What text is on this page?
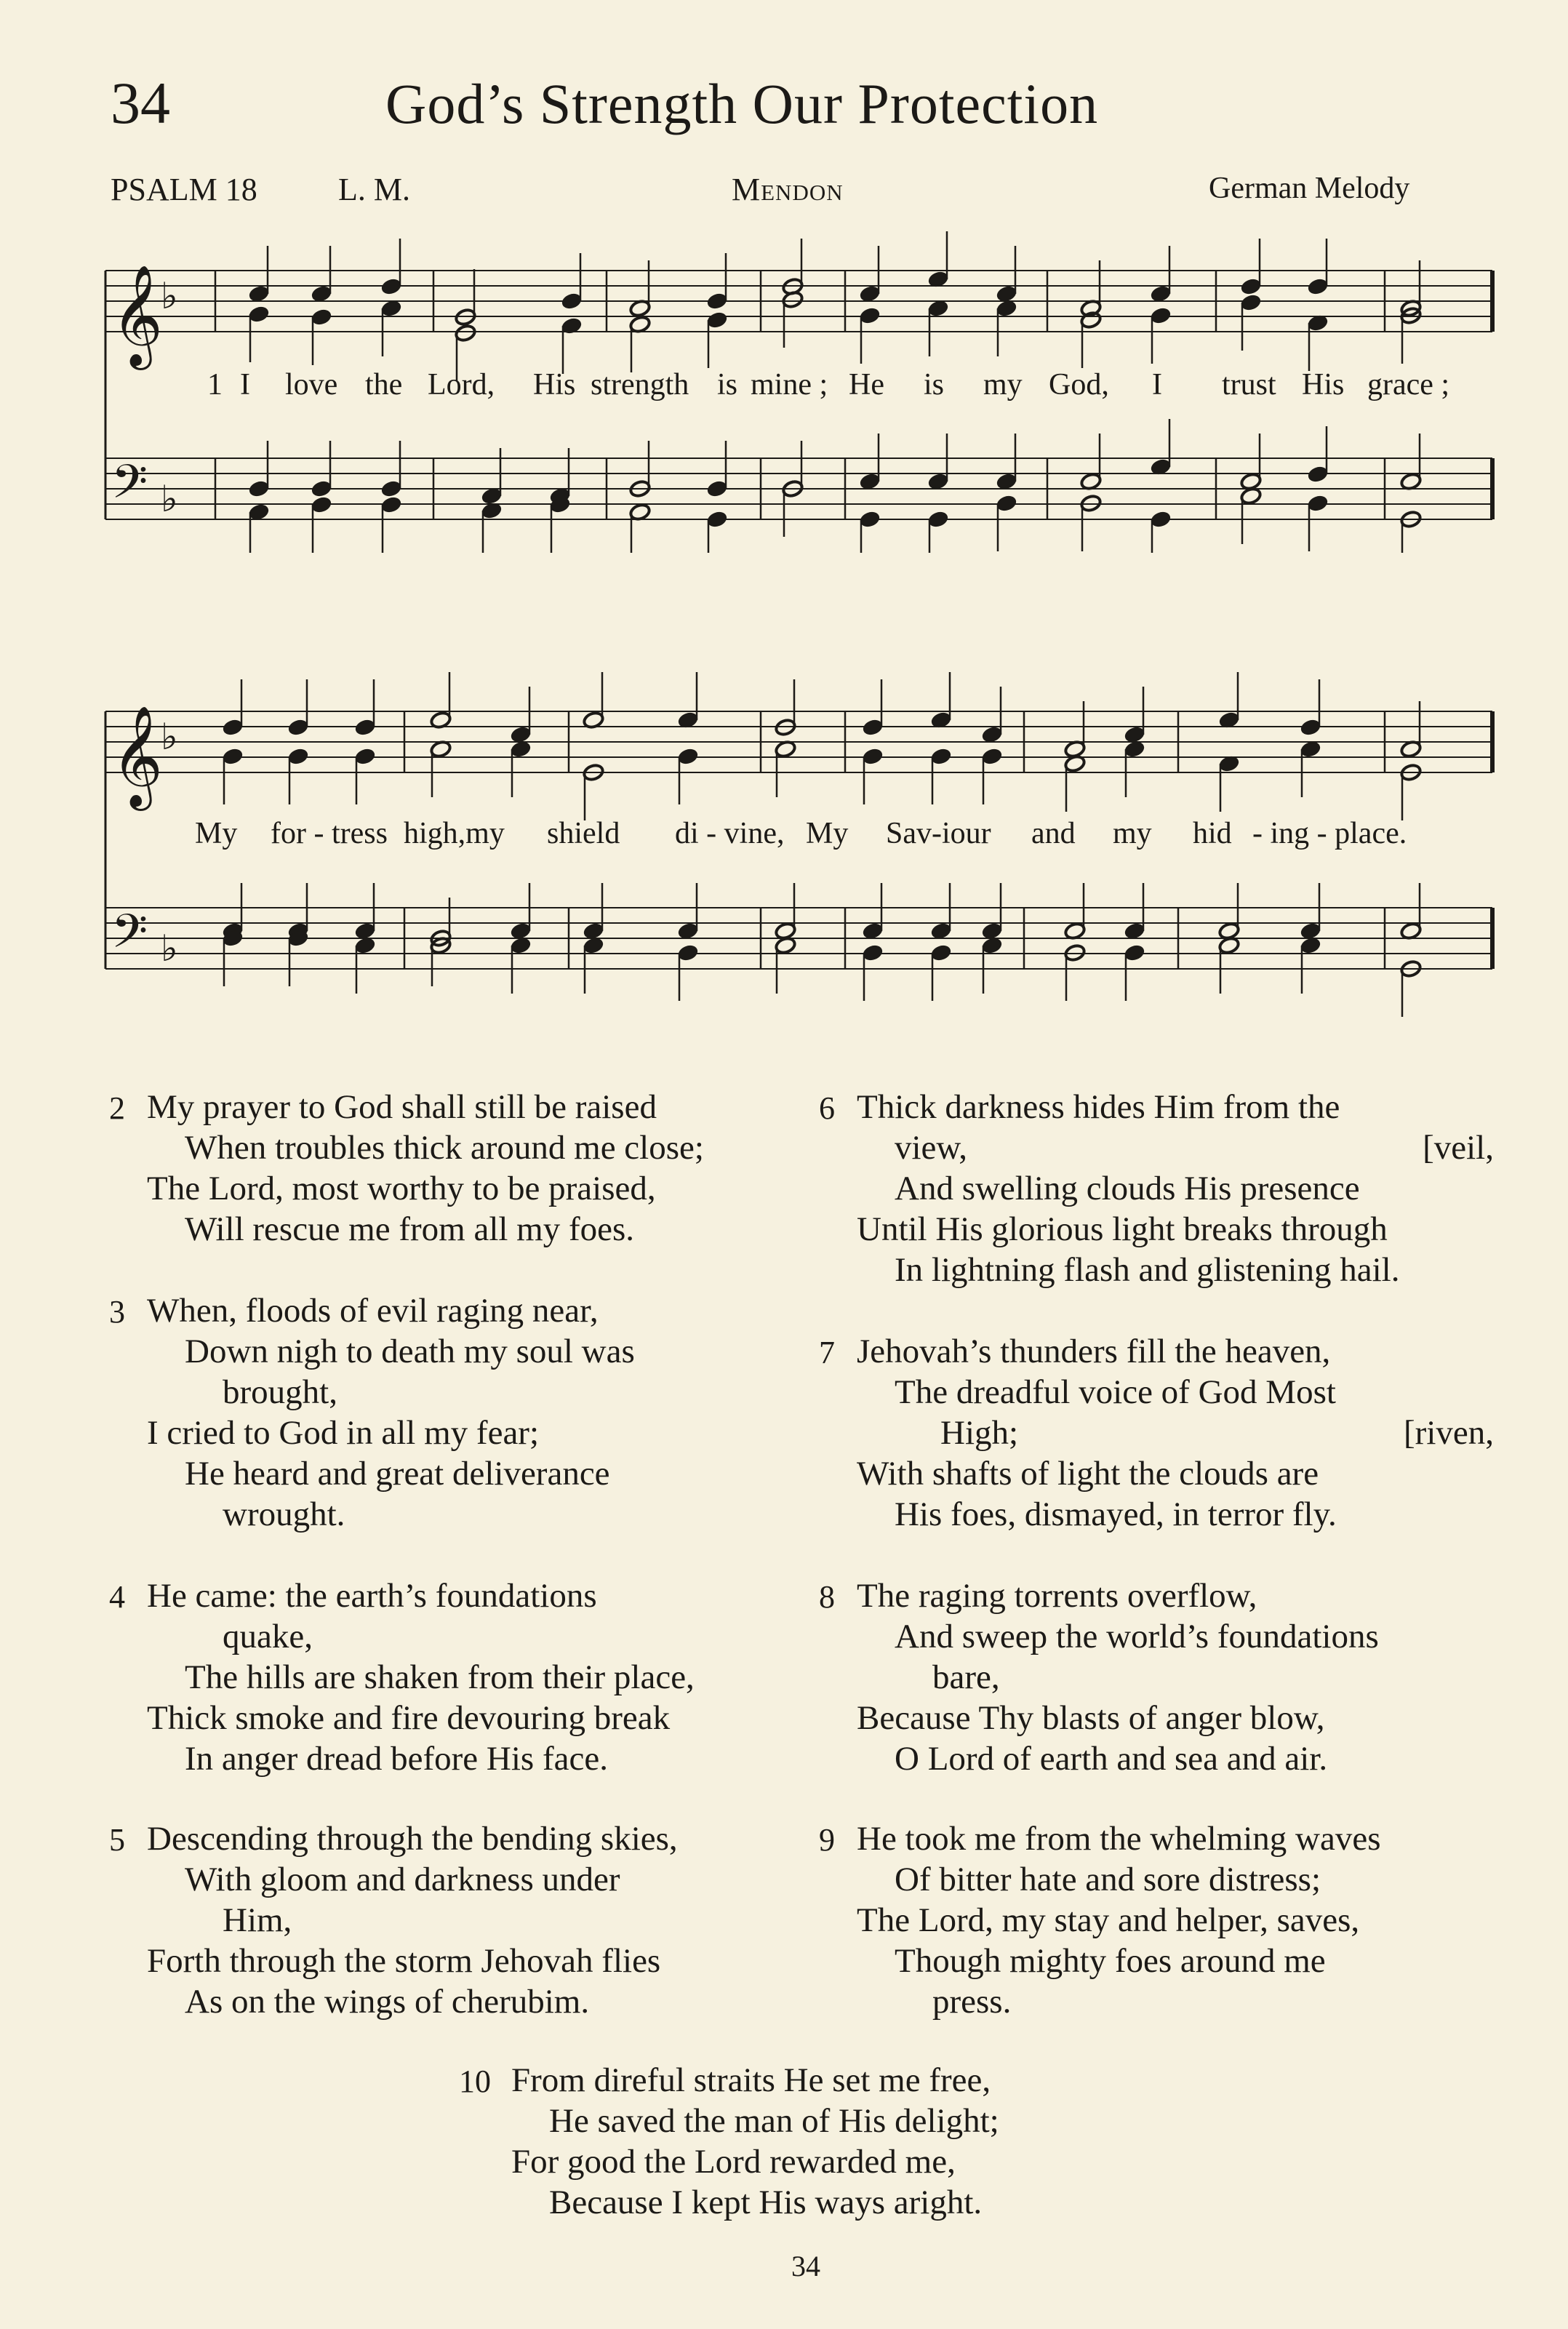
34	God’s Strength Our Protection
PSALM 18	L. M.	Mendon	German Melody
𝄞
♭
𝄢 ♭
𝄞
♭
𝄢 ♭
1 I love the Lord, His strength is mine ; He is my God, I trust His grace ;
My for - tress high,my shield di - vine, My Sav-iour and my hid - ing - place.
2 My prayer to God shall still be raised
When troubles thick around me close;
The Lord, most worthy to be praised,
Will rescue me from all my foes.
3 When, floods of evil raging near,
Down nigh to death my soul was
brought,
I cried to God in all my fear;
He heard and great deliverance
wrought.
4 He came: the earth’s foundations
quake,
The hills are shaken from their place,
Thick smoke and fire devouring break
In anger dread before His face.
5 Descending through the bending skies,
With gloom and darkness under
Him,
Forth through the storm Jehovah flies
As on the wings of cherubim.
6 Thick darkness hides Him from the
view,	[veil,
And swelling clouds His presence
Until His glorious light breaks through
In lightning flash and glistening hail.
7 Jehovah’s thunders fill the heaven,
The dreadful voice of God Most
High;	[riven,
With shafts of light the clouds are
His foes, dismayed, in terror fly.
8 The raging torrents overflow,
And sweep the world’s foundations
bare,
Because Thy blasts of anger blow,
O Lord of earth and sea and air.
9 He took me from the whelming waves
Of bitter hate and sore distress;
The Lord, my stay and helper, saves,
Though mighty foes around me
press.
10 From direful straits He set me free,
He saved the man of His delight;
For good the Lord rewarded me,
Because I kept His ways aright.
34
